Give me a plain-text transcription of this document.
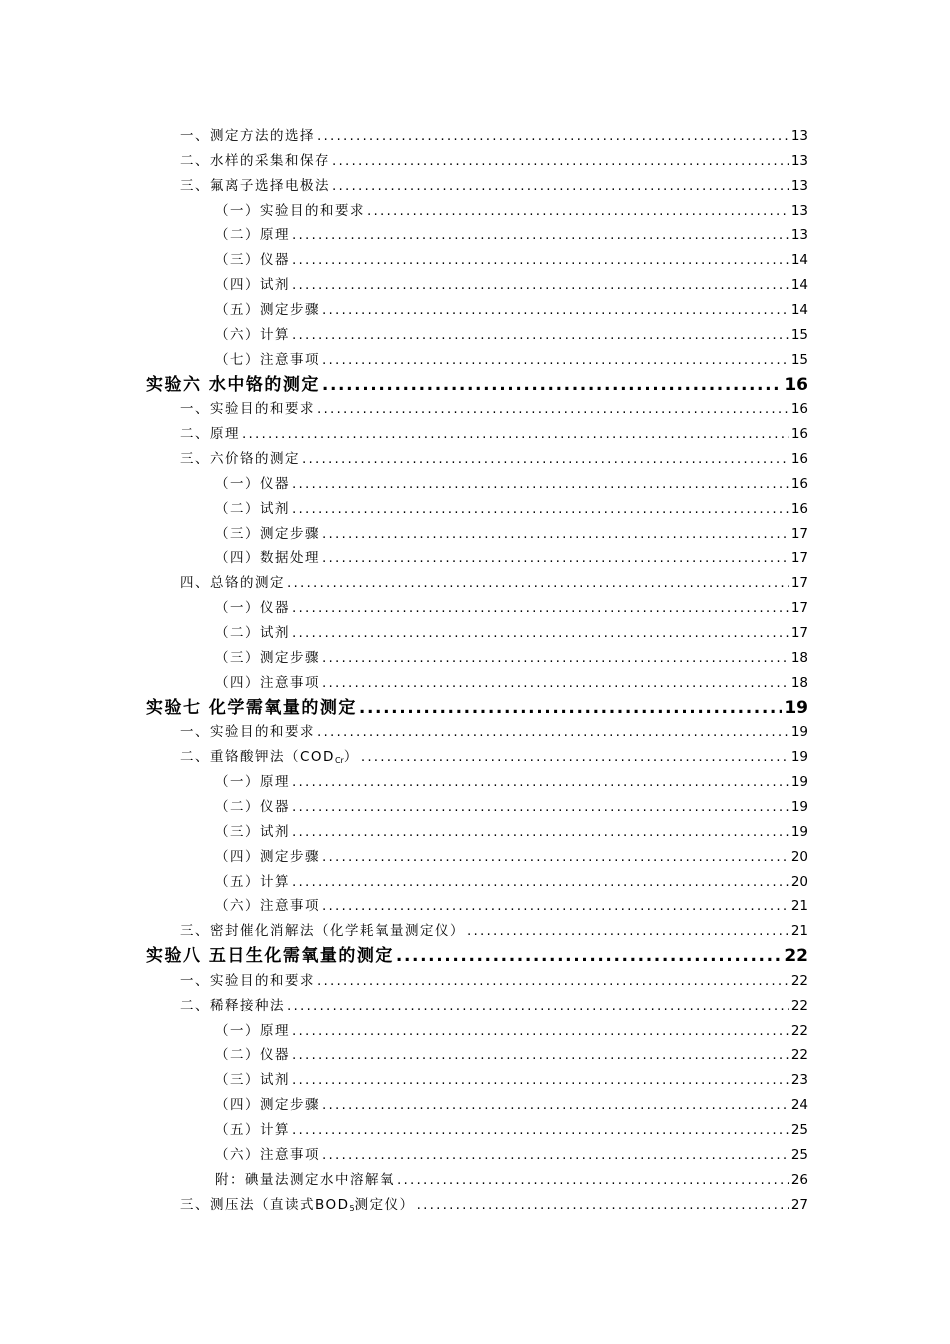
一、测定方法的选择 .....	13
二、水样的采集和保存 .....	13
三、氟离子选择电极法 .....	13
（一）实验目的和要求 .....	13
（二）原理 .....	13
（三）仪器 .....	14
（四）试剂 .....	14
（五）测定步骤 .....	14
（六）计算 .....	15
（七）注意事项 .....	15
实验六 水中铬的测定 .....	16
一、实验目的和要求 .....	16
二、原理 .....	16
三、六价铬的测定 .....	16
（一）仪器 .....	16
（二）试剂 .....	16
（三）测定步骤 .....	17
（四）数据处理 .....	17
四、总铬的测定 .....	17
（一）仪器 .....	17
（二）试剂 .....	17
（三）测定步骤 .....	18
（四）注意事项 .....	18
实验七 化学需氧量的测定 .....	19
一、实验目的和要求 .....	19
二、重铬酸钾法$(COD_{Cr})$ .....	19
（一）原理 .....	19
（二）仪器 .....	19
（三）试剂 .....	19
（四）测定步骤 .....	20
（五）计算 .....	20
（六）注意事项 .....	21
三、密封催化消解法（化学耗氧量测定仪） .....	21
实验八 五日生化需氧量的测定 .....	22
一、实验目的和要求 .....	22
二、稀释接种法 .....	22
（一）原理 .....	22
（二）仪器 .....	22
（三）试剂 .....	23
（四）测定步骤 .....	24
（五）计算 .....	25
（六）注意事项 .....	25
附：碘量法测定水中溶解氧 .....	26
三、测压法（直读式$BOD_5$测定仪） .....	27
